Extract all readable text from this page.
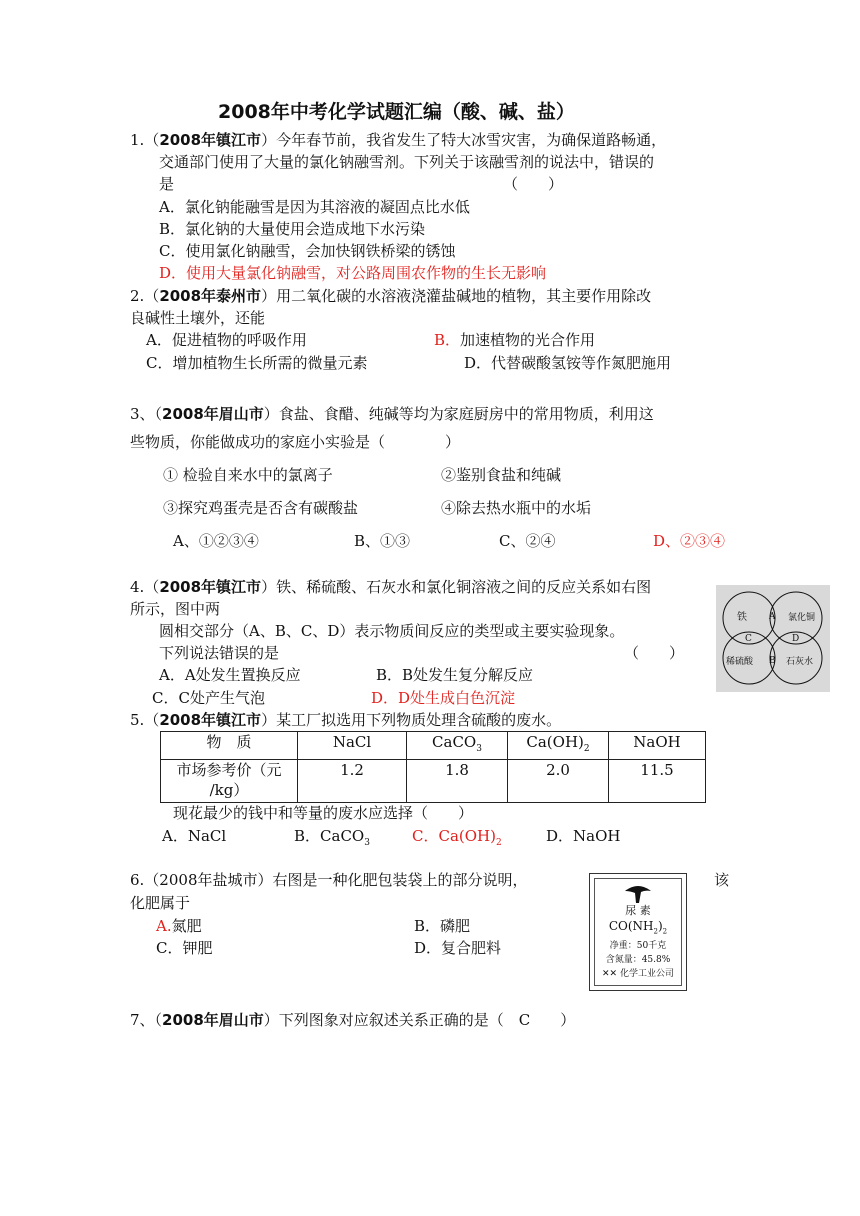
2008年中考化学试题汇编（酸、碱、盐）
1.（2008年镇江市）今年春节前，我省发生了特大冰雪灾害，为确保道路畅通，
交通部门使用了大量的氯化钠融雪剂。下列关于该融雪剂的说法中，错误的
是	（　　）
A．氯化钠能融雪是因为其溶液的凝固点比水低
B．氯化钠的大量使用会造成地下水污染
C．使用氯化钠融雪，会加快钢铁桥梁的锈蚀
D．使用大量氯化钠融雪，对公路周围农作物的生长无影响
2.（2008年泰州市）用二氧化碳的水溶液浇灌盐碱地的植物，其主要作用除改
良碱性土壤外，还能
A．促进植物的呼吸作用	B．加速植物的光合作用
C．增加植物生长所需的微量元素	D．代替碳酸氢铵等作氮肥施用
3、（2008年眉山市）食盐、食醋、纯碱等均为家庭厨房中的常用物质，利用这
些物质，你能做成功的家庭小实验是（　　　　）
① 检验自来水中的氯离子	②鉴别食盐和纯碱
③探究鸡蛋壳是否含有碳酸盐	④除去热水瓶中的水垢
A、①②③④	B、①③	C、②④	D、②③④
4.（2008年镇江市）铁、稀硫酸、石灰水和氯化铜溶液之间的反应关系如右图
所示，图中两
圆相交部分（A、B、C、D）表示物质间反应的类型或主要实验现象。
下列说法错误的是	（　　）
A．A处发生置换反应	B．B处发生复分解反应
C．C处产生气泡	D．D处生成白色沉淀
铁	氯化铜
稀硫酸	石灰水
A
B
C	D
5.（2008年镇江市）某工厂拟选用下列物质处理含硫酸的废水。
物　质	NaCl	CaCO$_3$	$Ca(OH)_2$	NaOH

市场参考价（元
/kg）	1.2	1.8	2.0	11.5
现花最少的钱中和等量的废水应选择（　　）
A．NaCl	B．CaCO$_3$	C．$Ca(OH)_2$	D．NaOH
6.（2008年盐城市）右图是一种化肥包装袋上的部分说明，	该
化肥属于
A.氮肥	B．磷肥
C．钾肥	D．复合肥料
尿 素
$CO(NH_2)_2$
净重：50千克
含氮量：45.8%
✕✕ 化学工业公司
7、（2008年眉山市）下列图象对应叙述关系正确的是（　C　　）
